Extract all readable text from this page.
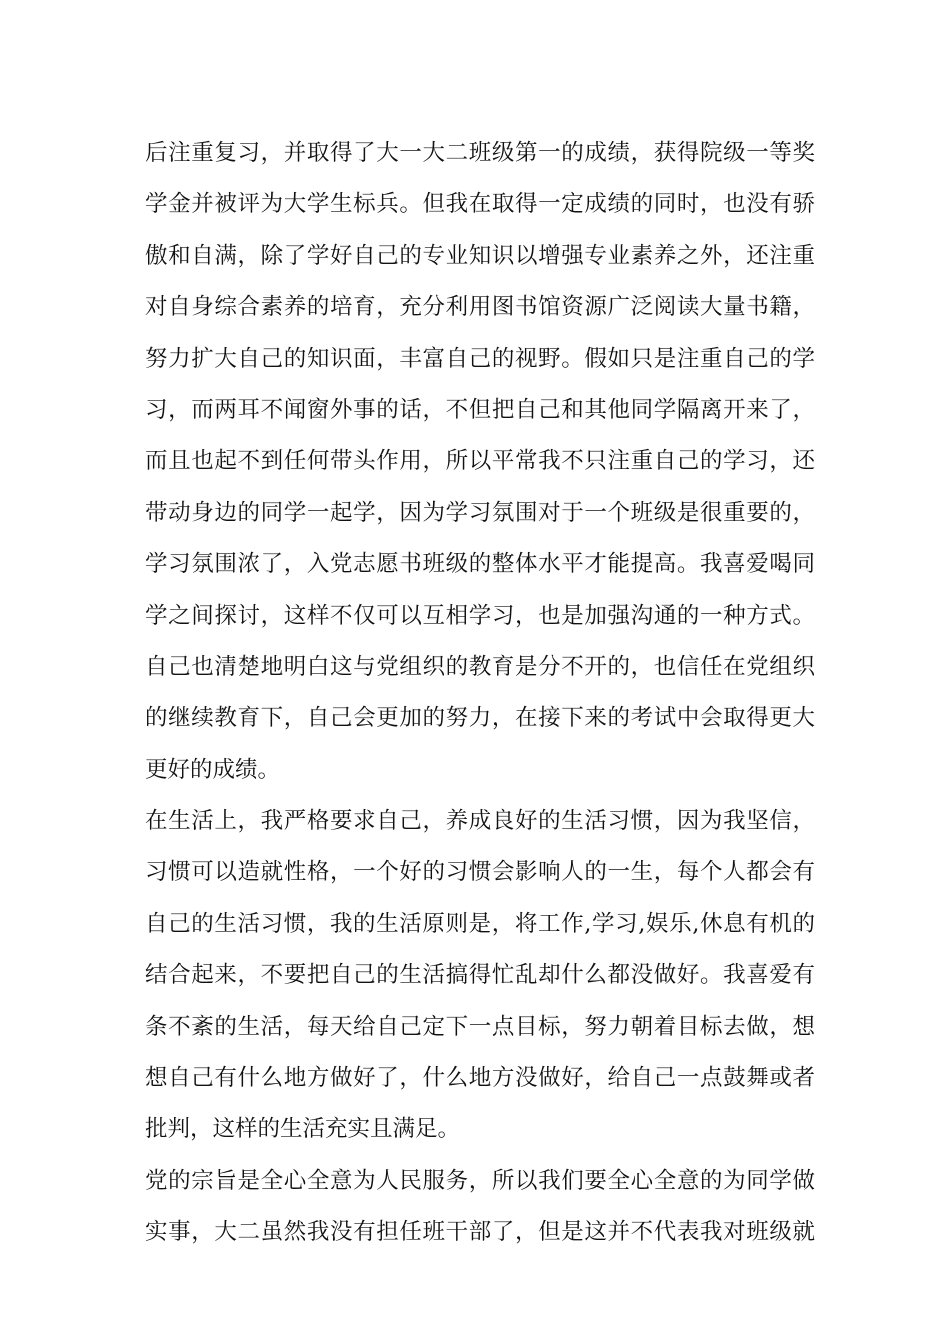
后注重复习，并取得了大一大二班级第一的成绩，获得院级一等奖
学金并被评为大学生标兵。但我在取得一定成绩的同时，也没有骄
傲和自满，除了学好自己的专业知识以增强专业素养之外，还注重
对自身综合素养的培育，充分利用图书馆资源广泛阅读大量书籍，
努力扩大自己的知识面，丰富自己的视野。假如只是注重自己的学
习，而两耳不闻窗外事的话，不但把自己和其他同学隔离开来了，
而且也起不到任何带头作用，所以平常我不只注重自己的学习，还
带动身边的同学一起学，因为学习氛围对于一个班级是很重要的，
学习氛围浓了，入党志愿书班级的整体水平才能提高。我喜爱喝同
学之间探讨，这样不仅可以互相学习，也是加强沟通的一种方式。
自己也清楚地明白这与党组织的教育是分不开的，也信任在党组织
的继续教育下，自己会更加的努力，在接下来的考试中会取得更大
更好的成绩。
在生活上，我严格要求自己，养成良好的生活习惯，因为我坚信，
习惯可以造就性格，一个好的习惯会影响人的一生，每个人都会有
自己的生活习惯，我的生活原则是，将工作,学习,娱乐,休息有机的
结合起来，不要把自己的生活搞得忙乱却什么都没做好。我喜爱有
条不紊的生活，每天给自己定下一点目标，努力朝着目标去做，想
想自己有什么地方做好了，什么地方没做好，给自己一点鼓舞或者
批判，这样的生活充实且满足。
党的宗旨是全心全意为人民服务，所以我们要全心全意的为同学做
实事，大二虽然我没有担任班干部了，但是这并不代表我对班级就
